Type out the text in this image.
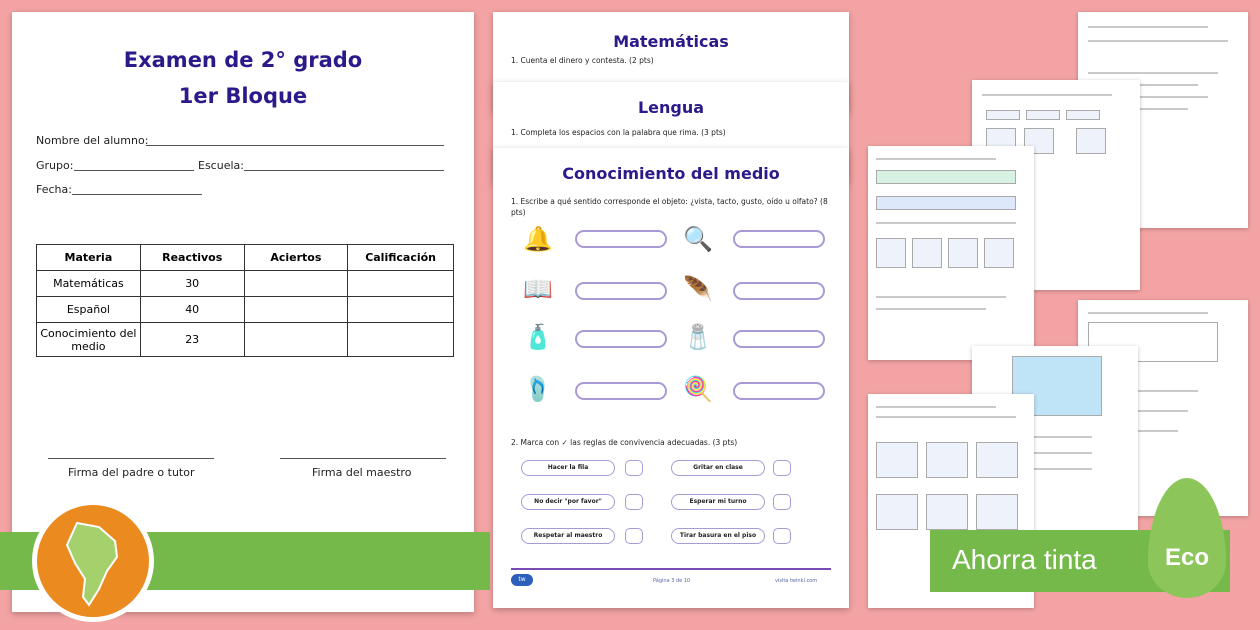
Examen de 2° grado
1er Bloque
Nombre del alumno:
Grupo:	Escuela:
Fecha:
Materia	Reactivos	Aciertos	Calificación
Matemáticas	30		
Español	40		
Conocimiento del medio	23		
Firma del padre o tutor	Firma del maestro
Matemáticas
1. Cuenta el dinero y contesta. (2 pts)
Lengua
1. Completa los espacios con la palabra que rima. (3 pts)
Conocimiento del medio
1. Escribe a qué sentido corresponde el objeto: ¿vista, tacto, gusto, oído u olfato? (8 pts)
🔔	🔍
📖	🪶
🧴	🧂
🩴	🍭
2. Marca con ✓ las reglas de convivencia adecuadas. (3 pts)
Hacer la fila	Gritar en clase
No decir "por favor"	Esperar mi turno
Respetar al maestro	Tirar basura en el piso
tw	Página 3 de 10	visita twinkl.com
Ahorra tinta	Eco
